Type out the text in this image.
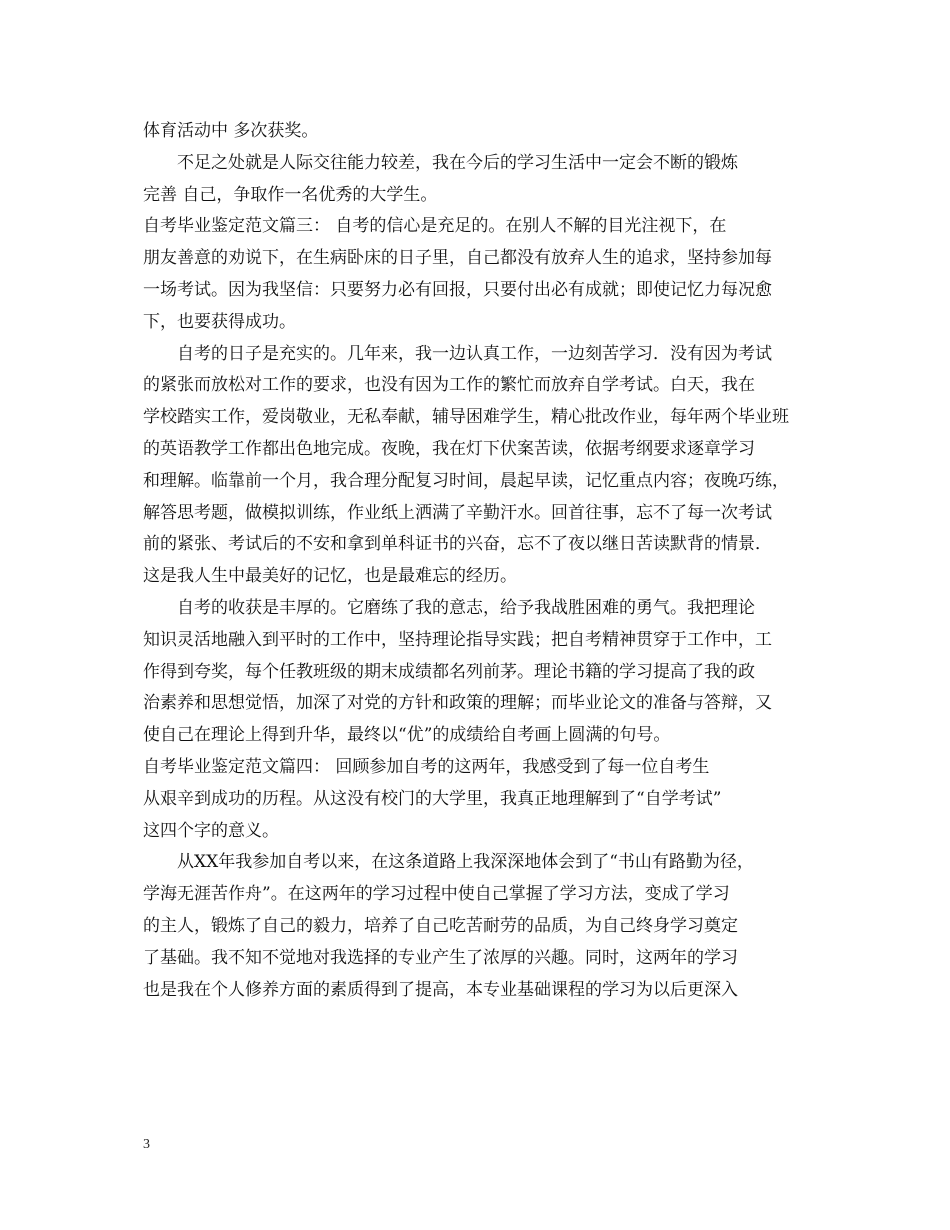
体育活动中 多次获奖。
不足之处就是人际交往能力较差，我在今后的学习生活中一定会不断的锻炼
完善 自己，争取作一名优秀的大学生。
自考毕业鉴定范文篇三： 自考的信心是充足的。在别人不解的目光注视下，在
朋友善意的劝说下，在生病卧床的日子里，自己都没有放弃人生的追求，坚持参加每
一场考试。因为我坚信：只要努力必有回报，只要付出必有成就；即使记忆力每况愈
下，也要获得成功。
自考的日子是充实的。几年来，我一边认真工作，一边刻苦学习．没有因为考试
的紧张而放松对工作的要求，也没有因为工作的繁忙而放弃自学考试。白天，我在
学校踏实工作，爱岗敬业，无私奉献，辅导困难学生，精心批改作业，每年两个毕业班
的英语教学工作都出色地完成。夜晚，我在灯下伏案苦读，依据考纲要求逐章学习
和理解。临靠前一个月，我合理分配复习时间，晨起早读，记忆重点内容；夜晚巧练，
解答思考题，做模拟训练，作业纸上洒满了辛勤汗水。回首往事，忘不了每一次考试
前的紧张、考试后的不安和拿到单科证书的兴奋，忘不了夜以继日苦读默背的情景．
这是我人生中最美好的记忆，也是最难忘的经历。
自考的收获是丰厚的。它磨练了我的意志，给予我战胜困难的勇气。我把理论
知识灵活地融入到平时的工作中，坚持理论指导实践；把自考精神贯穿于工作中，工
作得到夸奖，每个任教班级的期末成绩都名列前茅。理论书籍的学习提高了我的政
治素养和思想觉悟，加深了对党的方针和政策的理解；而毕业论文的准备与答辩，又
使自己在理论上得到升华，最终以“优”的成绩给自考画上圆满的句号。
自考毕业鉴定范文篇四： 回顾参加自考的这两年，我感受到了每一位自考生
从艰辛到成功的历程。从这没有校门的大学里，我真正地理解到了“自学考试”
这四个字的意义。
从XX年我参加自考以来，在这条道路上我深深地体会到了“书山有路勤为径，
学海无涯苦作舟”。在这两年的学习过程中使自己掌握了学习方法，变成了学习
的主人，锻炼了自己的毅力，培养了自己吃苦耐劳的品质，为自己终身学习奠定
了基础。我不知不觉地对我选择的专业产生了浓厚的兴趣。同时，这两年的学习
也是我在个人修养方面的素质得到了提高，本专业基础课程的学习为以后更深入
3
